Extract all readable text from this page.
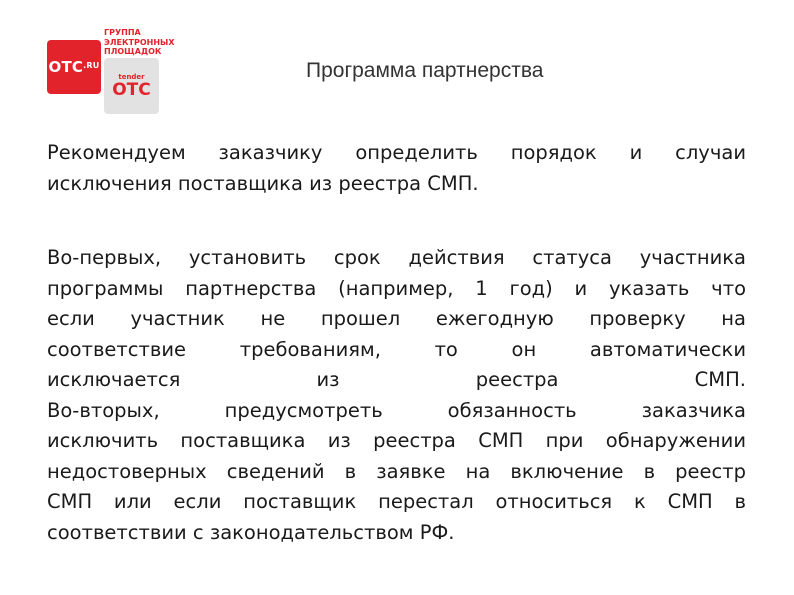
$ОТС^{.RU}$
ГРУППА
ЭЛЕКТРОННЫХ
ПЛОЩАДОК
tender
ОТС
Программа партнерства
Рекомендуем заказчику определить порядок и случаи
исключения поставщика из реестра СМП.
Во-первых, установить срок действия статуса участника
программы партнерства (например, 1 год) и указать что
если участник не прошел ежегодную проверку на
соответствие требованиям, то он автоматически
исключается из реестра СМП.
Во-вторых, предусмотреть обязанность заказчика
исключить поставщика из реестра СМП при обнаружении
недостоверных сведений в заявке на включение в реестр
СМП или если поставщик перестал относиться к СМП в
соответствии с законодательством РФ.
